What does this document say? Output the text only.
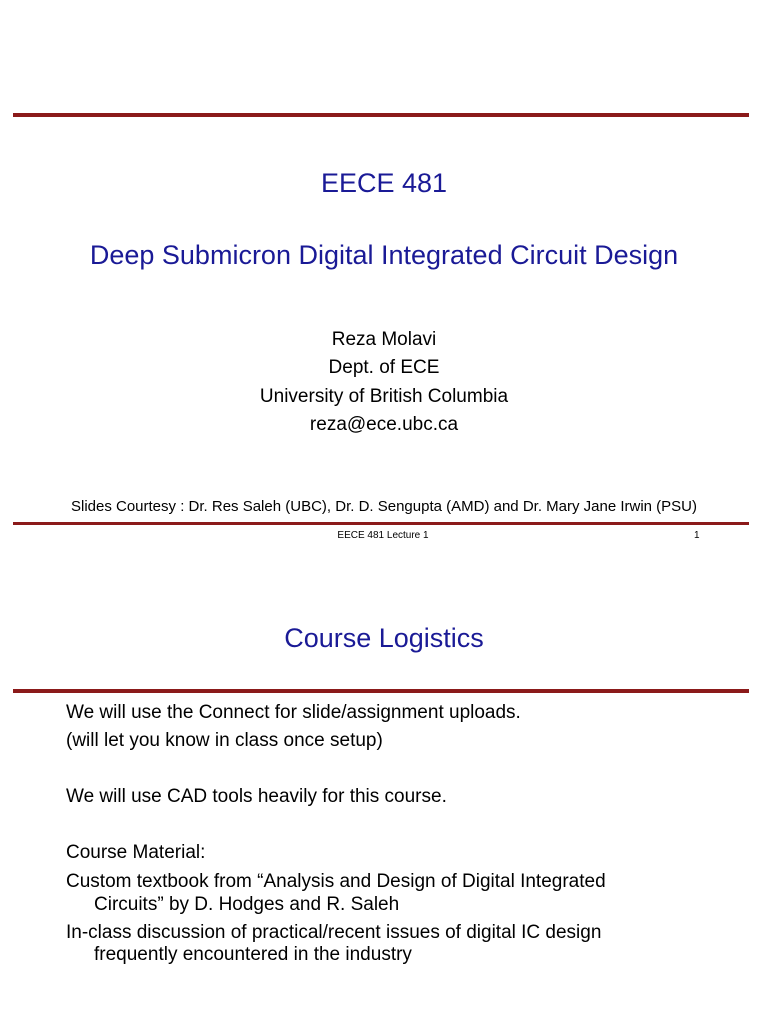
EECE 481

Deep Submicron Digital Integrated Circuit Design

Reza Molavi

Dept. of ECE

University of British Columbia

reza@ece.ubc.ca

Slides Courtesy : Dr. Res Saleh (UBC), Dr. D. Sengupta (AMD) and Dr. Mary Jane Irwin (PSU)

EECE 481 Lecture 1	1

Course Logistics

We will use the Connect for slide/assignment uploads.

(will let you know in class once setup)

We will use CAD tools heavily for this course.

Course Material:

Custom textbook from “Analysis and Design of Digital Integrated

Circuits” by D. Hodges and R. Saleh

In-class discussion of practical/recent issues of digital IC design

frequently encountered in the industry
